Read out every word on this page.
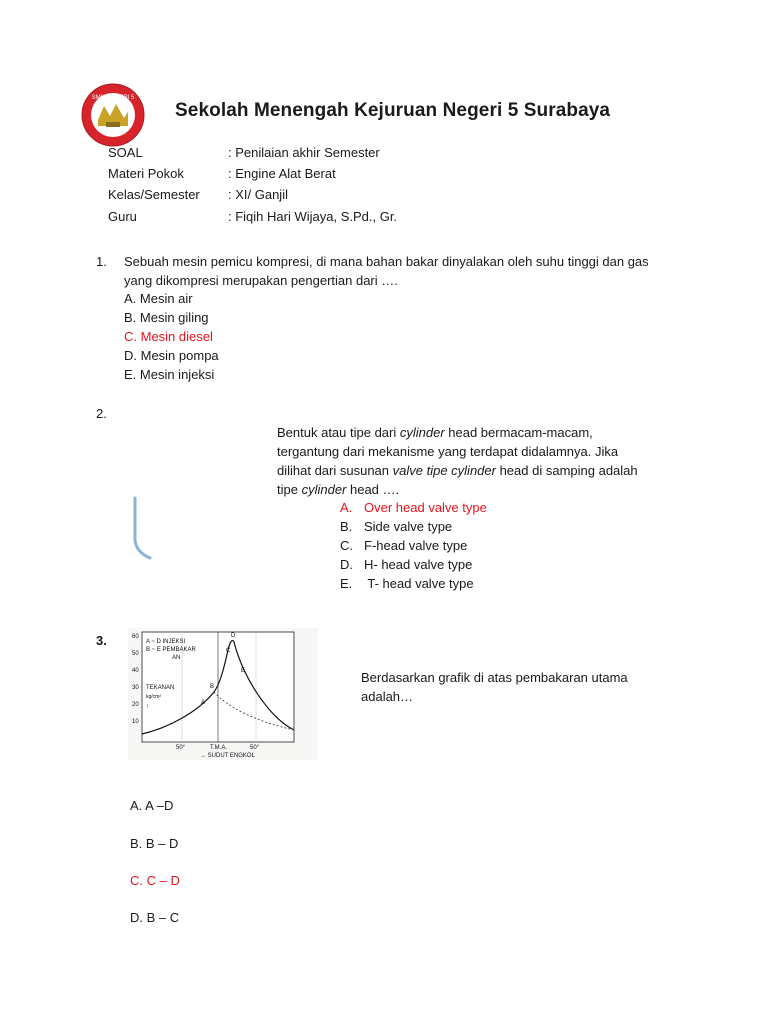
SMK NEGERI 5
Sekolah Menengah Kejuruan Negeri 5 Surabaya
SOAL	: Penilaian akhir Semester
Materi Pokok	: Engine Alat Berat
Kelas/Semester : XI/ Ganjil
Guru	: Fiqih Hari Wijaya, S.Pd., Gr.
1. Sebuah mesin pemicu kompresi, di mana bahan bakar dinyalakan oleh suhu tinggi dan gas
yang dikompresi merupakan pengertian dari ….
A. Mesin air
B. Mesin giling
C. Mesin diesel
D. Mesin pompa
E. Mesin injeksi
2.
Bentuk atau tipe dari cylinder head bermacam-macam,
tergantung dari mekanisme yang terdapat didalamnya. Jika
dilihat dari susunan valve tipe cylinder head di samping adalah
tipe cylinder head ….
A. Over head valve type
B. Side valve type
C. F-head valve type
D. H- head valve type
E. T- head valve type
3.	60
50
40
30
20
10
A ~ D INJEKSI
B ~ E PEMBAKAR
AN
TEKANAN
kg/cm²
↑
A
B
C
D
E
50°	T.M.A.	50°
→ SUDUT ENGKOL
Berdasarkan grafik di atas pembakaran utama
adalah…
A. A –D
B. B – D
C. C – D
D. B – C
